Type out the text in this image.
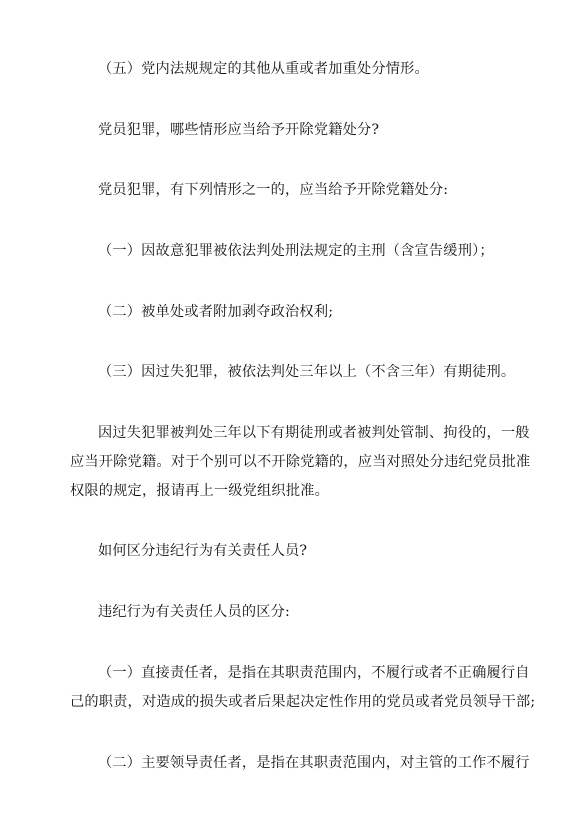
（五）党内法规规定的其他从重或者加重处分情形。
党员犯罪，哪些情形应当给予开除党籍处分?
党员犯罪，有下列情形之一的，应当给予开除党籍处分:
（一）因故意犯罪被依法判处刑法规定的主刑（含宣告缓刑）；
（二）被单处或者附加剥夺政治权利;
（三）因过失犯罪，被依法判处三年以上（不含三年）有期徒刑。
因过失犯罪被判处三年以下有期徒刑或者被判处管制、拘役的，一般
应当开除党籍。对于个别可以不开除党籍的，应当对照处分违纪党员批准
权限的规定，报请再上一级党组织批准。
如何区分违纪行为有关责任人员?
违纪行为有关责任人员的区分:
（一）直接责任者，是指在其职责范围内，不履行或者不正确履行自
己的职责，对造成的损失或者后果起决定性作用的党员或者党员领导干部;
（二）主要领导责任者，是指在其职责范围内，对主管的工作不履行
